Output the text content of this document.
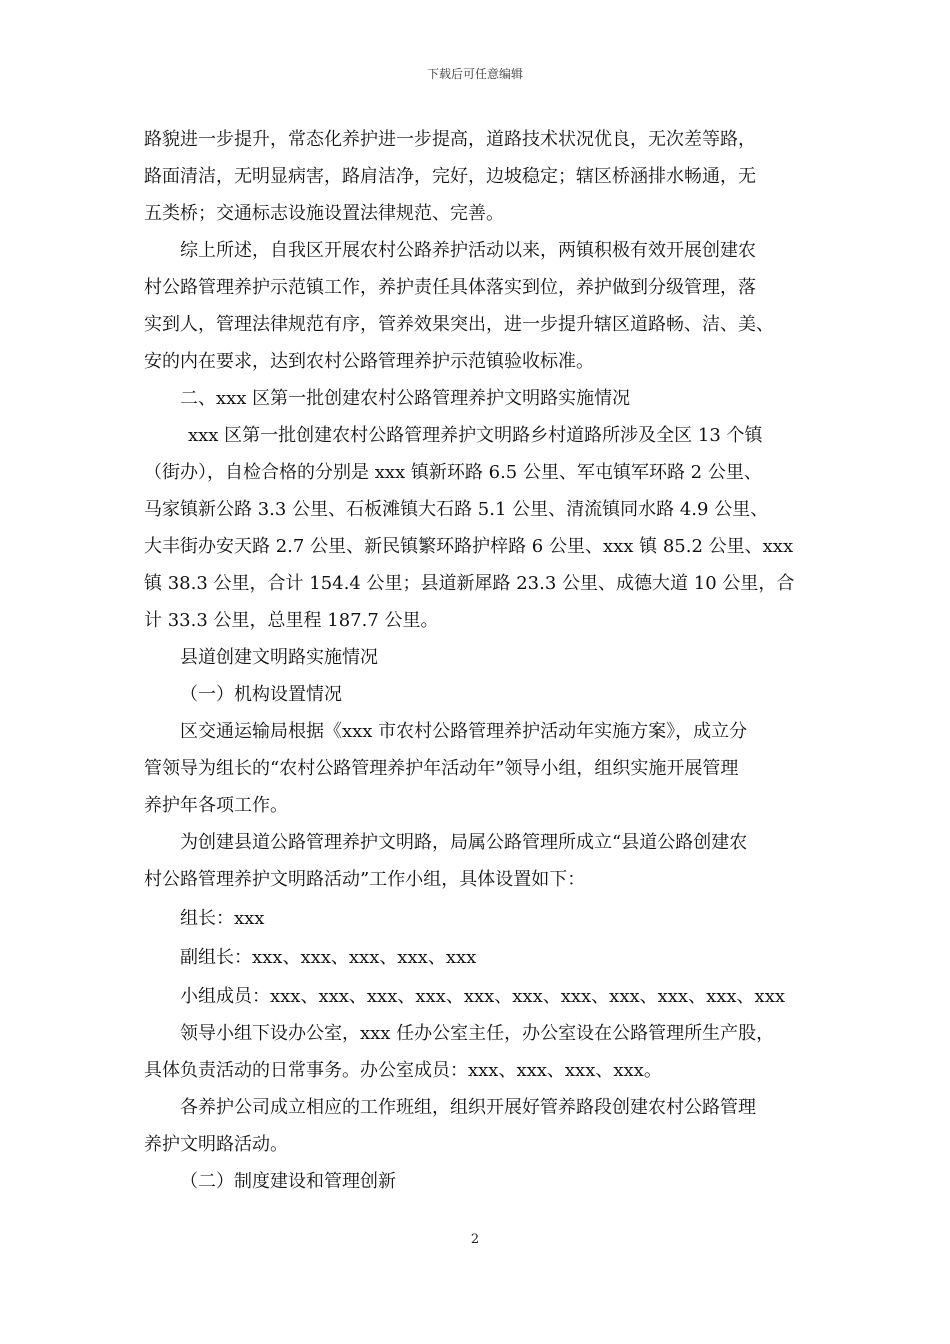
下载后可任意编辑
路貌进一步提升，常态化养护进一步提高，道路技术状况优良，无次差等路，
路面清洁，无明显病害，路肩洁净，完好，边坡稳定；辖区桥涵排水畅通，无
五类桥；交通标志设施设置法律规范、完善。
综上所述，自我区开展农村公路养护活动以来，两镇积极有效开展创建农
村公路管理养护示范镇工作，养护责任具体落实到位，养护做到分级管理，落
实到人，管理法律规范有序，管养效果突出，进一步提升辖区道路畅、洁、美、
安的内在要求，达到农村公路管理养护示范镇验收标准。
二、xxx 区第一批创建农村公路管理养护文明路实施情况
xxx 区第一批创建农村公路管理养护文明路乡村道路所涉及全区 13 个镇
（街办），自检合格的分别是 xxx 镇新环路 6.5 公里、军屯镇军环路 2 公里、
马家镇新公路 3.3 公里、石板滩镇大石路 5.1 公里、清流镇同水路 4.9 公里、
大丰街办安天路 2.7 公里、新民镇繁环路护梓路 6 公里、xxx 镇 85.2 公里、xxx
镇 38.3 公里，合计 154.4 公里；县道新犀路 23.3 公里、成德大道 10 公里，合
计 33.3 公里，总里程 187.7 公里。
县道创建文明路实施情况
（一）机构设置情况
区交通运输局根据《xxx 市农村公路管理养护活动年实施方案》，成立分
管领导为组长的“农村公路管理养护年活动年”领导小组，组织实施开展管理
养护年各项工作。
为创建县道公路管理养护文明路，局属公路管理所成立“县道公路创建农
村公路管理养护文明路活动”工作小组，具体设置如下：
组长：xxx
副组长：xxx、xxx、xxx、xxx、xxx
小组成员：xxx、xxx、xxx、xxx、xxx、xxx、xxx、xxx、xxx、xxx、xxx
领导小组下设办公室，xxx 任办公室主任，办公室设在公路管理所生产股，
具体负责活动的日常事务。办公室成员：xxx、xxx、xxx、xxx。
各养护公司成立相应的工作班组，组织开展好管养路段创建农村公路管理
养护文明路活动。
（二）制度建设和管理创新
2
